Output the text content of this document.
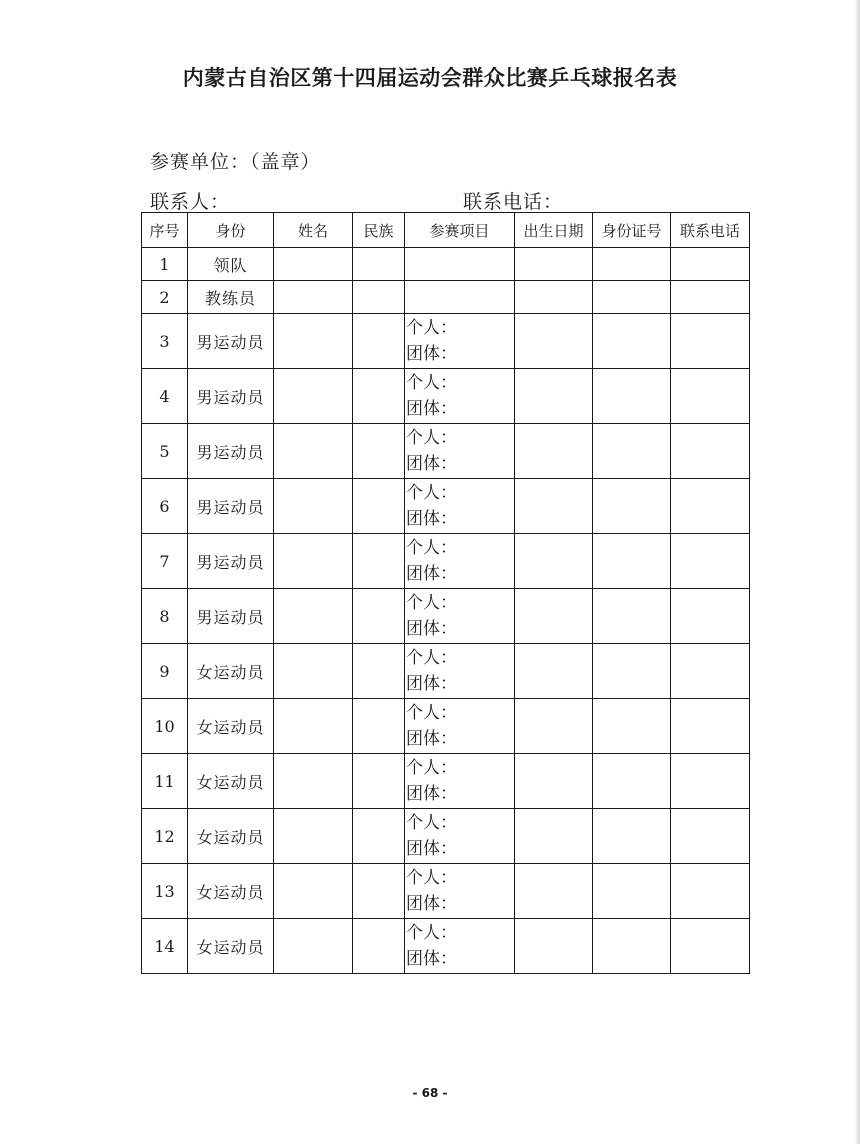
内蒙古自治区第十四届运动会群众比赛乒乓球报名表
参赛单位：（盖章）
联系人：	联系电话：
序号	身份	姓名	民族	参赛项目	出生日期	身份证号	联系电话
1	领队						
2	教练员						
3	男运动员			个人：
团体：			

4	男运动员			个人：
团体：			

5	男运动员			个人：
团体：			

6	男运动员			个人：
团体：			

7	男运动员			个人：
团体：			

8	男运动员			个人：
团体：			

9	女运动员			个人：
团体：			

10	女运动员			个人：
团体：			

11	女运动员			个人：
团体：			

12	女运动员			个人：
团体：			

13	女运动员			个人：
团体：			

14	女运动员			个人：
团体：			

- 68 -
